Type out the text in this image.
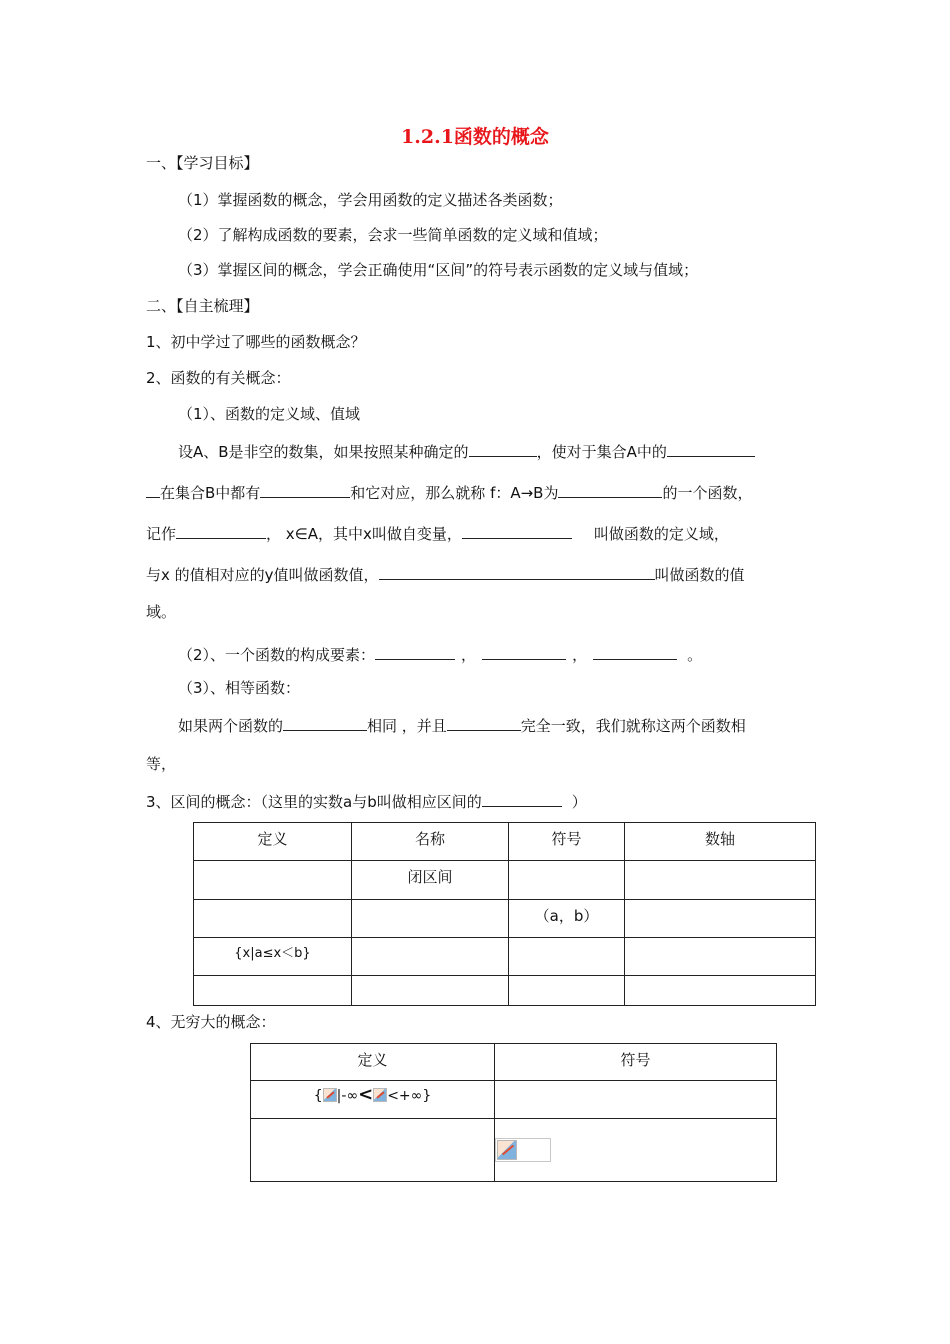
1.2.1函数的概念
一、【学习目标】
（1）掌握函数的概念，学会用函数的定义描述各类函数；
（2）了解构成函数的要素，会求一些简单函数的定义域和值域；
（3）掌握区间的概念，学会正确使用“区间”的符号表示函数的定义域与值域；
二、【自主梳理】
1、初中学过了哪些的函数概念？
2、函数的有关概念：
（1）、函数的定义域、值域
设A、B是非空的数集，如果按照某种确定的	，使对于集合A中的
在集合B中都有	和它对应，那么就称 f：A→B为	的一个函数，
记作	， x∈A，其中x叫做自变量，	叫做函数的定义域，
与x 的值相对应的y值叫做函数值，	叫做函数的值
域。
（2）、一个函数的构成要素：	，	，	。
（3）、相等函数：
如果两个函数的	相同 ，并且	完全一致，我们就称这两个函数相
等，
3、区间的概念：（这里的实数a与b叫做相应区间的	）
定义	名称	符号	数轴

	闭区间		

		（a，b）	

{x|a≤x＜b}			

4、无穷大的概念：
定义	符号

{ |-∞< <+∞}	
